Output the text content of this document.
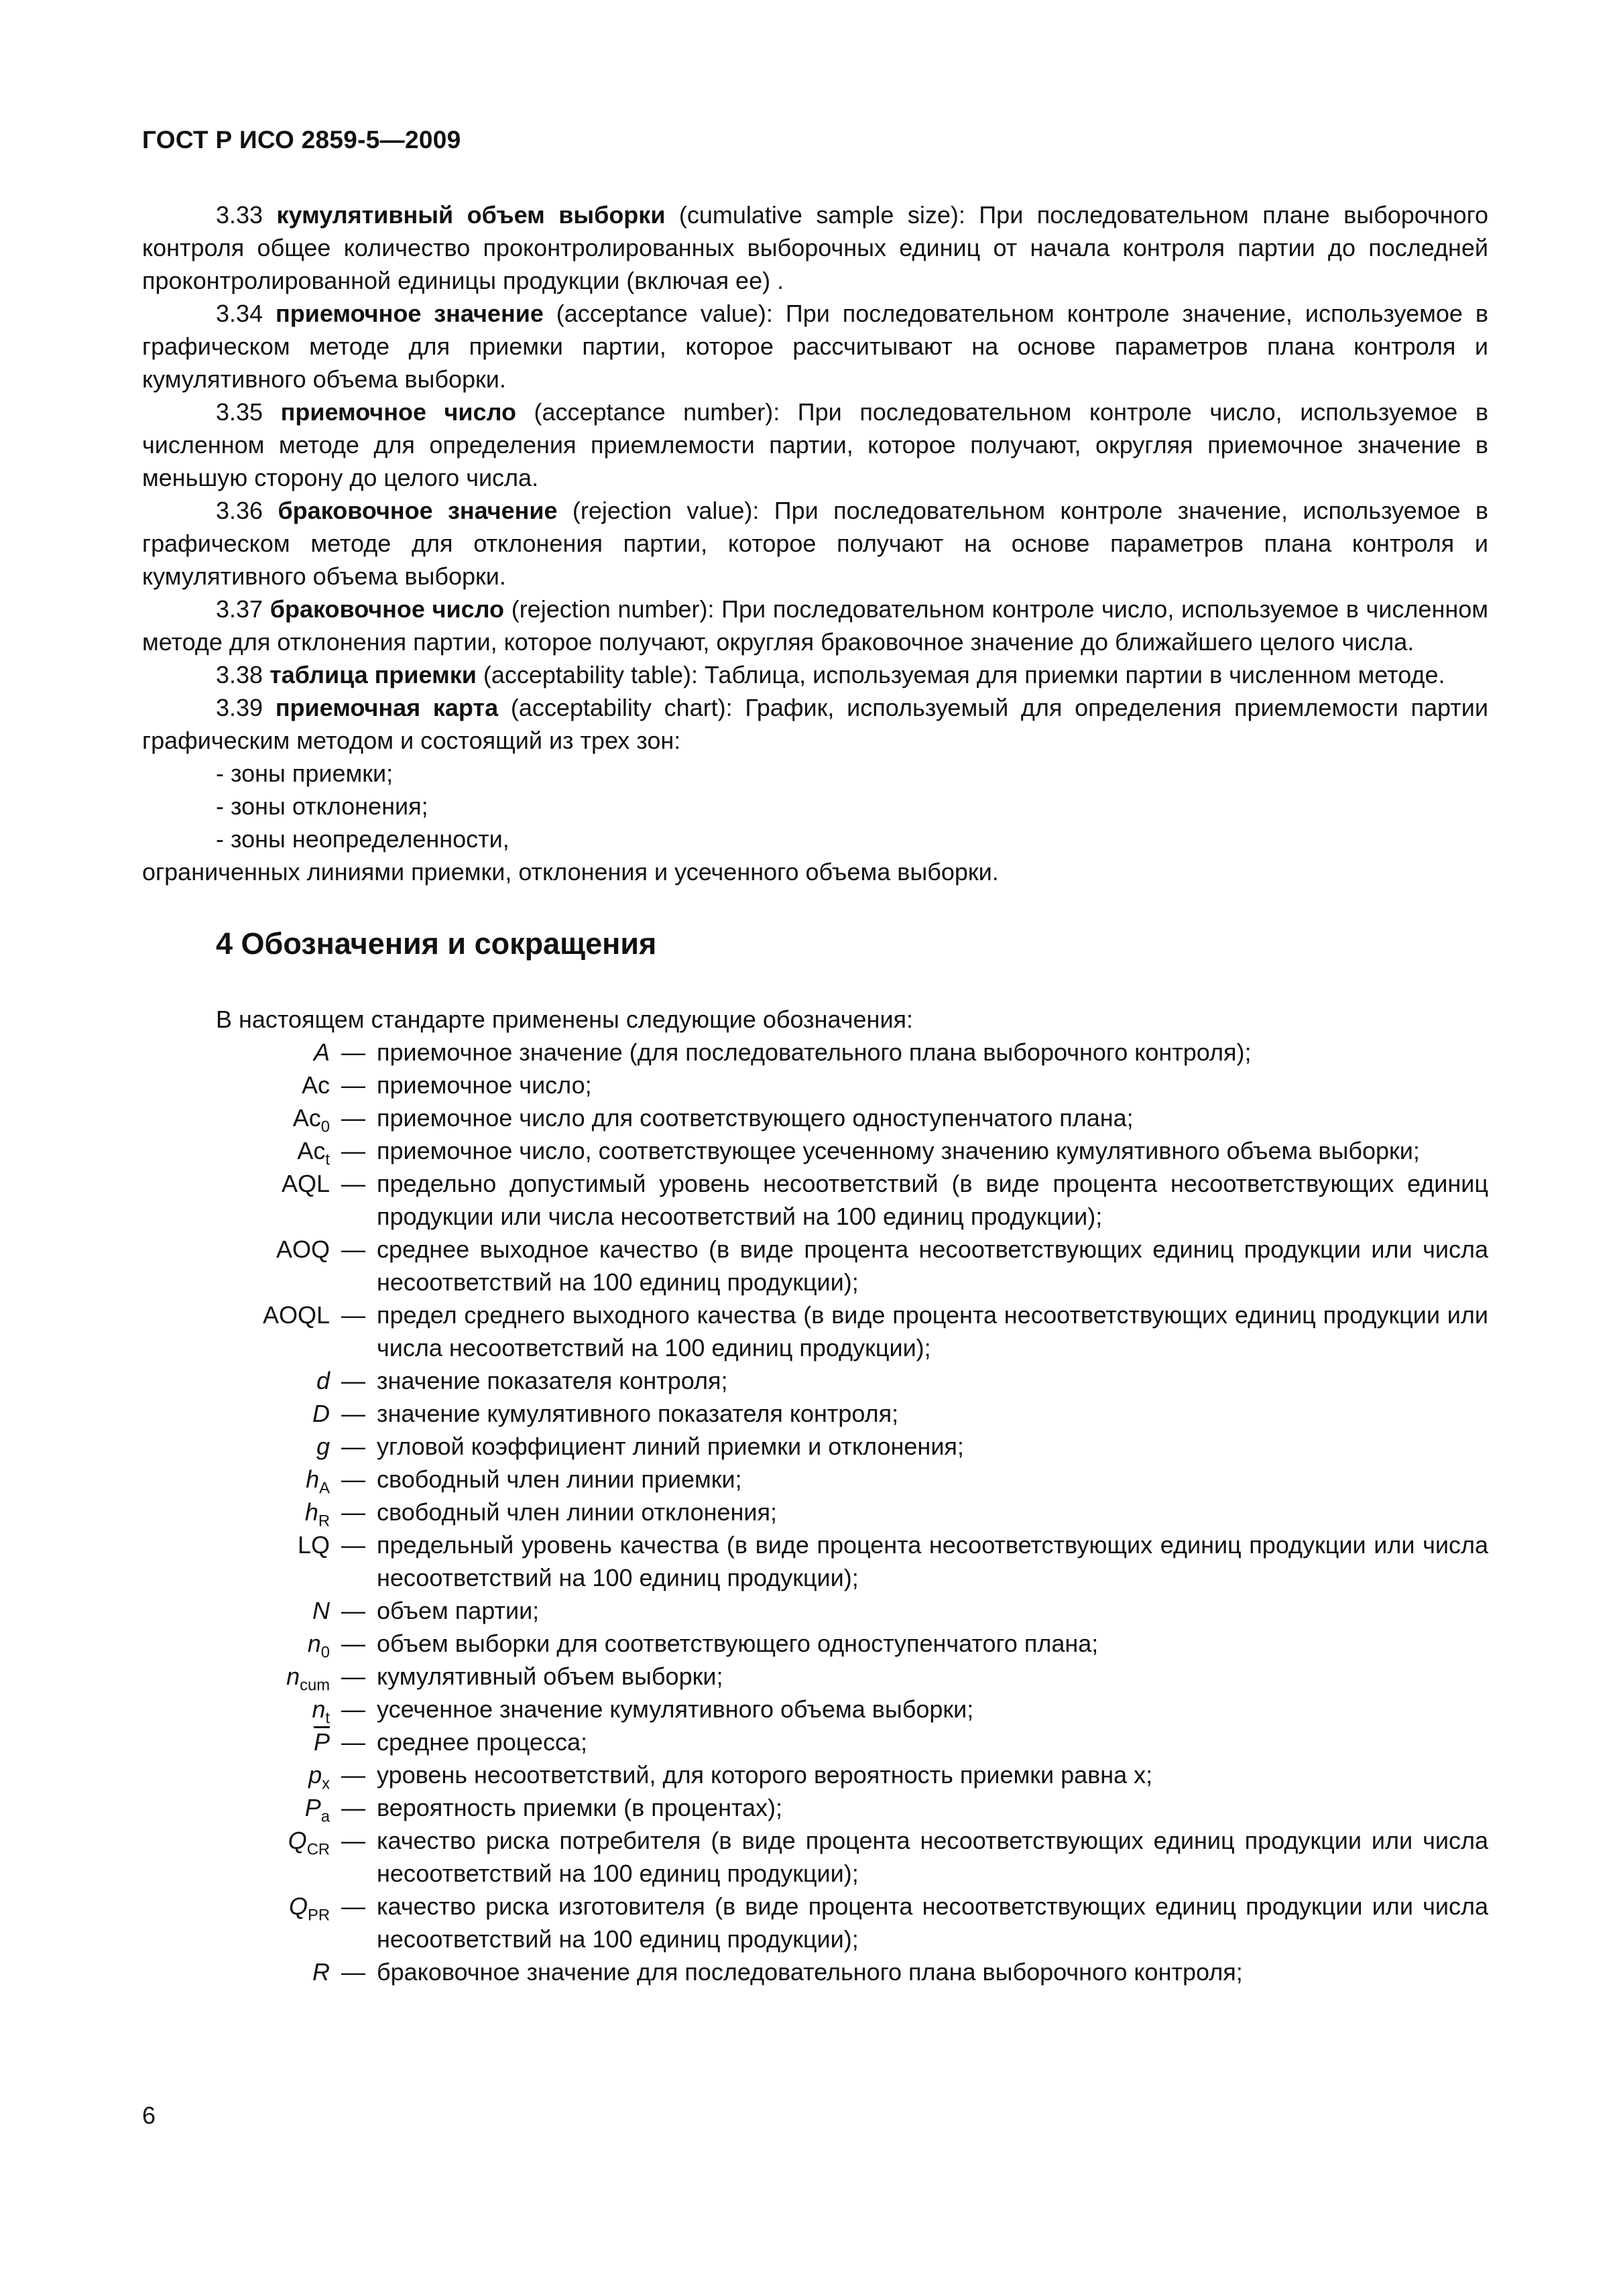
ГОСТ Р ИСО 2859-5—2009

3.33 кумулятивный объем выборки (cumulative sample size): При последовательном плане выборочного контроля общее количество проконтролированных выборочных единиц от начала контроля партии до последней проконтролированной единицы продукции (включая ее) .

3.34 приемочное значение (acceptance value): При последовательном контроле значение, используемое в графическом методе для приемки партии, которое рассчитывают на основе параметров плана контроля и кумулятивного объема выборки.

3.35 приемочное число (acceptance number): При последовательном контроле число, используемое в численном методе для определения приемлемости партии, которое получают, округляя приемочное значение в меньшую сторону до целого числа.

3.36 браковочное значение (rejection value): При последовательном контроле значение, используемое в графическом методе для отклонения партии, которое получают на основе параметров плана контроля и кумулятивного объема выборки.

3.37 браковочное число (rejection number): При последовательном контроле число, используемое в численном методе для отклонения партии, которое получают, округляя браковочное значение до ближайшего целого числа.

3.38 таблица приемки (acceptability table): Таблица, используемая для приемки партии в численном методе.

3.39 приемочная карта (acceptability chart): График, используемый для определения приемлемости партии графическим методом и состоящий из трех зон:

- зоны приемки;

- зоны отклонения;

- зоны неопределенности,

ограниченных линиями приемки, отклонения и усеченного объема выборки.

4 Обозначения и сокращения

В настоящем стандарте применены следующие обозначения:

A — приемочное значение (для последовательного плана выборочного контроля);
Ac — приемочное число;
$Ac_0$ — приемочное число для соответствующего одноступенчатого плана;
$Ac_t$ — приемочное число, соответствующее усеченному значению кумулятивного объема выборки;
AQL — предельно допустимый уровень несоответствий (в виде процента несоответствующих единиц продукции или числа несоответствий на 100 единиц продукции);
AOQ — среднее выходное качество (в виде процента несоответствующих единиц продукции или числа несоответствий на 100 единиц продукции);
AOQL — предел среднего выходного качества (в виде процента несоответствующих единиц продукции или числа несоответствий на 100 единиц продукции);
d — значение показателя контроля;
D — значение кумулятивного показателя контроля;
g — угловой коэффициент линий приемки и отклонения;
$h_A$ — свободный член линии приемки;
$h_R$ — свободный член линии отклонения;
LQ — предельный уровень качества (в виде процента несоответствующих единиц продукции или числа несоответствий на 100 единиц продукции);
N — объем партии;
$n_0$ — объем выборки для соответствующего одноступенчатого плана;
$n_{cum}$ — кумулятивный объем выборки;
$n_t$ — усеченное значение кумулятивного объема выборки;
$\overline{P}$ — среднее процесса;
$p_x$ — уровень несоответствий, для которого вероятность приемки равна x;
$P_a$ — вероятность приемки (в процентах);
$Q_{CR}$ — качество риска потребителя (в виде процента несоответствующих единиц продукции или числа несоответствий на 100 единиц продукции);
$Q_{PR}$ — качество риска изготовителя (в виде процента несоответствующих единиц продукции или числа несоответствий на 100 единиц продукции);
R — браковочное значение для последовательного плана выборочного контроля;
6
